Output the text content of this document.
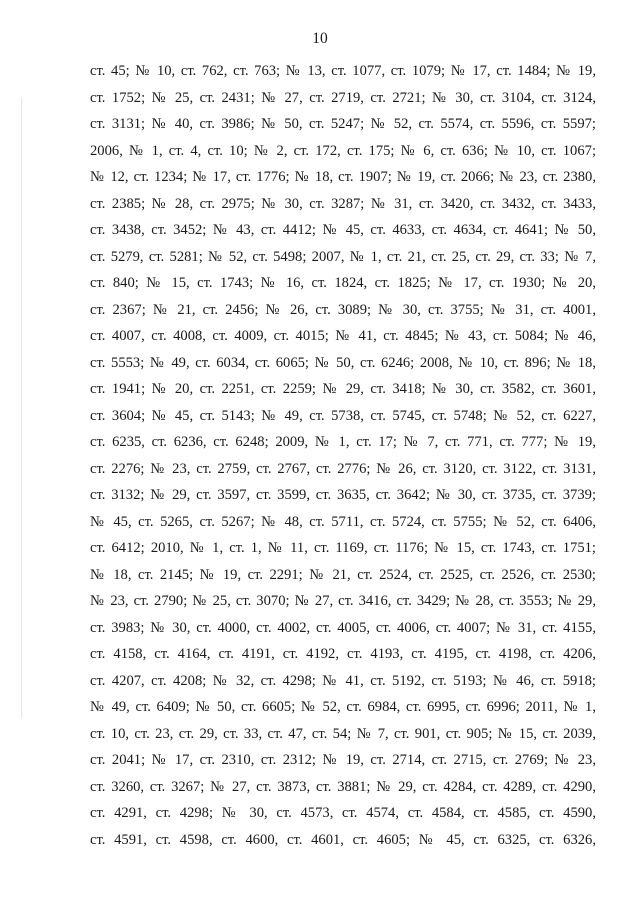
10
ст. 45; № 10, ст. 762, ст. 763; № 13, ст. 1077, ст. 1079; № 17, ст. 1484; № 19,
ст. 1752; № 25, ст. 2431; № 27, ст. 2719, ст. 2721; № 30, ст. 3104, ст. 3124,
ст. 3131; № 40, ст. 3986; № 50, ст. 5247; № 52, ст. 5574, ст. 5596, ст. 5597;
2006, № 1, ст. 4, ст. 10; № 2, ст. 172, ст. 175; № 6, ст. 636; № 10, ст. 1067;
№ 12, ст. 1234; № 17, ст. 1776; № 18, ст. 1907; № 19, ст. 2066; № 23, ст. 2380,
ст. 2385; № 28, ст. 2975; № 30, ст. 3287; № 31, ст. 3420, ст. 3432, ст. 3433,
ст. 3438, ст. 3452; № 43, ст. 4412; № 45, ст. 4633, ст. 4634, ст. 4641; № 50,
ст. 5279, ст. 5281; № 52, ст. 5498; 2007, № 1, ст. 21, ст. 25, ст. 29, ст. 33; № 7,
ст. 840; № 15, ст. 1743; № 16, ст. 1824, ст. 1825; № 17, ст. 1930; № 20,
ст. 2367; № 21, ст. 2456; № 26, ст. 3089; № 30, ст. 3755; № 31, ст. 4001,
ст. 4007, ст. 4008, ст. 4009, ст. 4015; № 41, ст. 4845; № 43, ст. 5084; № 46,
ст. 5553; № 49, ст. 6034, ст. 6065; № 50, ст. 6246; 2008, № 10, ст. 896; № 18,
ст. 1941; № 20, ст. 2251, ст. 2259; № 29, ст. 3418; № 30, ст. 3582, ст. 3601,
ст. 3604; № 45, ст. 5143; № 49, ст. 5738, ст. 5745, ст. 5748; № 52, ст. 6227,
ст. 6235, ст. 6236, ст. 6248; 2009, № 1, ст. 17; № 7, ст. 771, ст. 777; № 19,
ст. 2276; № 23, ст. 2759, ст. 2767, ст. 2776; № 26, ст. 3120, ст. 3122, ст. 3131,
ст. 3132; № 29, ст. 3597, ст. 3599, ст. 3635, ст. 3642; № 30, ст. 3735, ст. 3739;
№ 45, ст. 5265, ст. 5267; № 48, ст. 5711, ст. 5724, ст. 5755; № 52, ст. 6406,
ст. 6412; 2010, № 1, ст. 1, № 11, ст. 1169, ст. 1176; № 15, ст. 1743, ст. 1751;
№ 18, ст. 2145; № 19, ст. 2291; № 21, ст. 2524, ст. 2525, ст. 2526, ст. 2530;
№ 23, ст. 2790; № 25, ст. 3070; № 27, ст. 3416, ст. 3429; № 28, ст. 3553; № 29,
ст. 3983; № 30, ст. 4000, ст. 4002, ст. 4005, ст. 4006, ст. 4007; № 31, ст. 4155,
ст. 4158, ст. 4164, ст. 4191, ст. 4192, ст. 4193, ст. 4195, ст. 4198, ст. 4206,
ст. 4207, ст. 4208; № 32, ст. 4298; № 41, ст. 5192, ст. 5193; № 46, ст. 5918;
№ 49, ст. 6409; № 50, ст. 6605; № 52, ст. 6984, ст. 6995, ст. 6996; 2011, № 1,
ст. 10, ст. 23, ст. 29, ст. 33, ст. 47, ст. 54; № 7, ст. 901, ст. 905; № 15, ст. 2039,
ст. 2041; № 17, ст. 2310, ст. 2312; № 19, ст. 2714, ст. 2715, ст. 2769; № 23,
ст. 3260, ст. 3267; № 27, ст. 3873, ст. 3881; № 29, ст. 4284, ст. 4289, ст. 4290,
ст. 4291, ст. 4298; № 30, ст. 4573, ст. 4574, ст. 4584, ст. 4585, ст. 4590,
ст. 4591, ст. 4598, ст. 4600, ст. 4601, ст. 4605; № 45, ст. 6325, ст. 6326,
